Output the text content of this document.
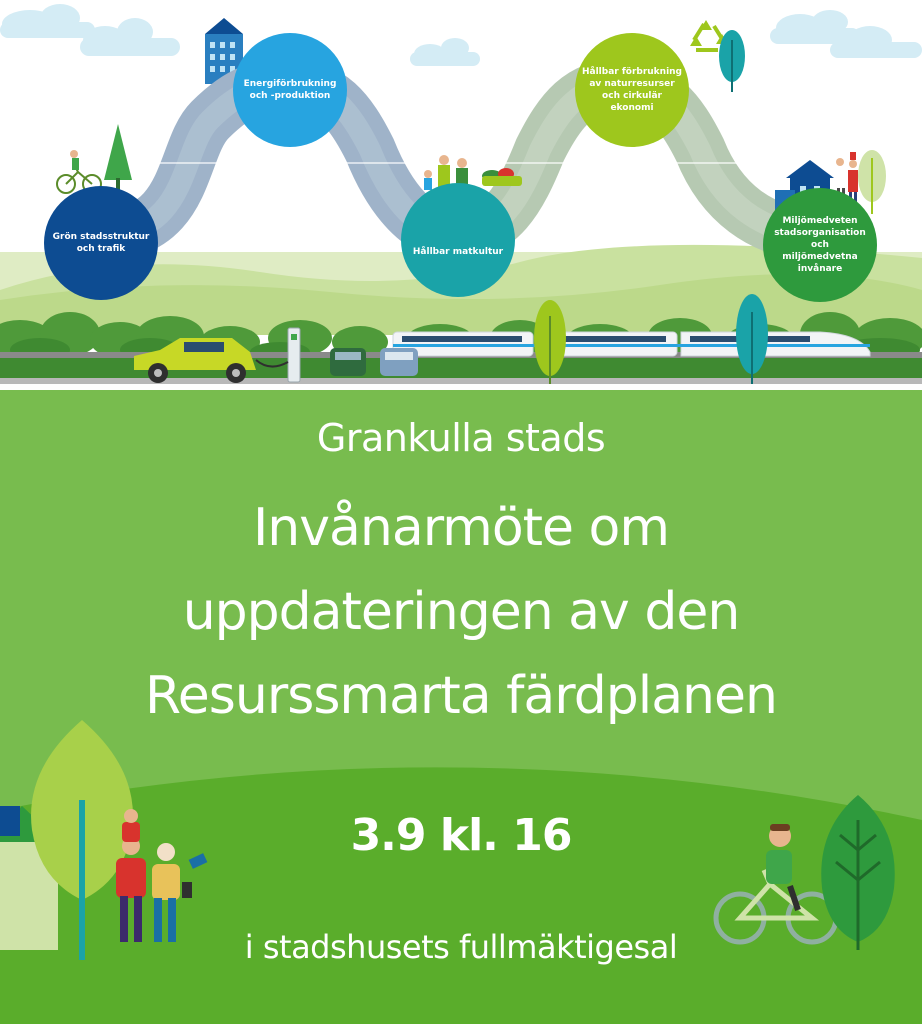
Grön stadsstruktur och trafik
Energiförbrukning och -produktion
Hållbar matkultur
Hållbar förbrukning av naturresurser och cirkulär ekonomi
Miljömedveten stadsorganisation och miljömedvetna invånare
Grankulla stads
Invånarmöte om
uppdateringen av den
Resurssmarta färdplanen
3.9 kl. 16
i stadshusets fullmäktigesal
